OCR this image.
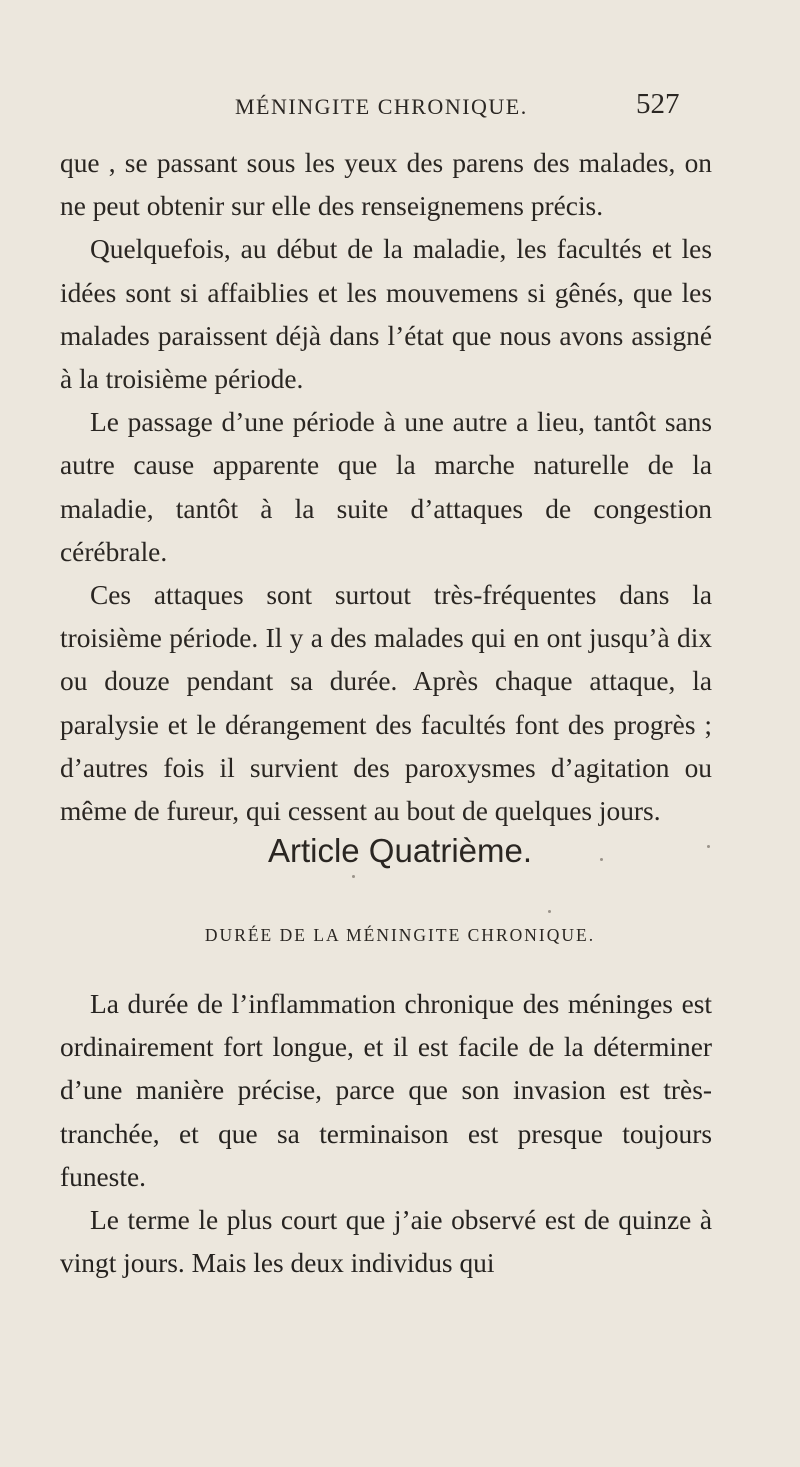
MÉNINGITE CHRONIQUE.	527

que , se passant sous les yeux des parens des malades, on ne peut obtenir sur elle des renseignemens précis.

Quelquefois, au début de la maladie, les facultés et les idées sont si affaiblies et les mouvemens si gênés, que les malades paraissent déjà dans l’état que nous avons assigné à la troisième période.

Le passage d’une période à une autre a lieu, tantôt sans autre cause apparente que la marche naturelle de la maladie, tantôt à la suite d’attaques de congestion cérébrale.

Ces attaques sont surtout très-fréquentes dans la troisième période. Il y a des malades qui en ont jusqu’à dix ou douze pendant sa durée. Après chaque attaque, la paralysie et le dérangement des facultés font des progrès ; d’autres fois il survient des paroxysmes d’agitation ou même de fureur, qui cessent au bout de quelques jours.

Article Quatrième.
DURÉE DE LA MÉNINGITE CHRONIQUE.

La durée de l’inflammation chronique des méninges est ordinairement fort longue, et il est facile de la déterminer d’une manière précise, parce que son invasion est très-tranchée, et que sa terminaison est presque toujours funeste.

Le terme le plus court que j’aie observé est de quinze à vingt jours. Mais les deux individus qui
